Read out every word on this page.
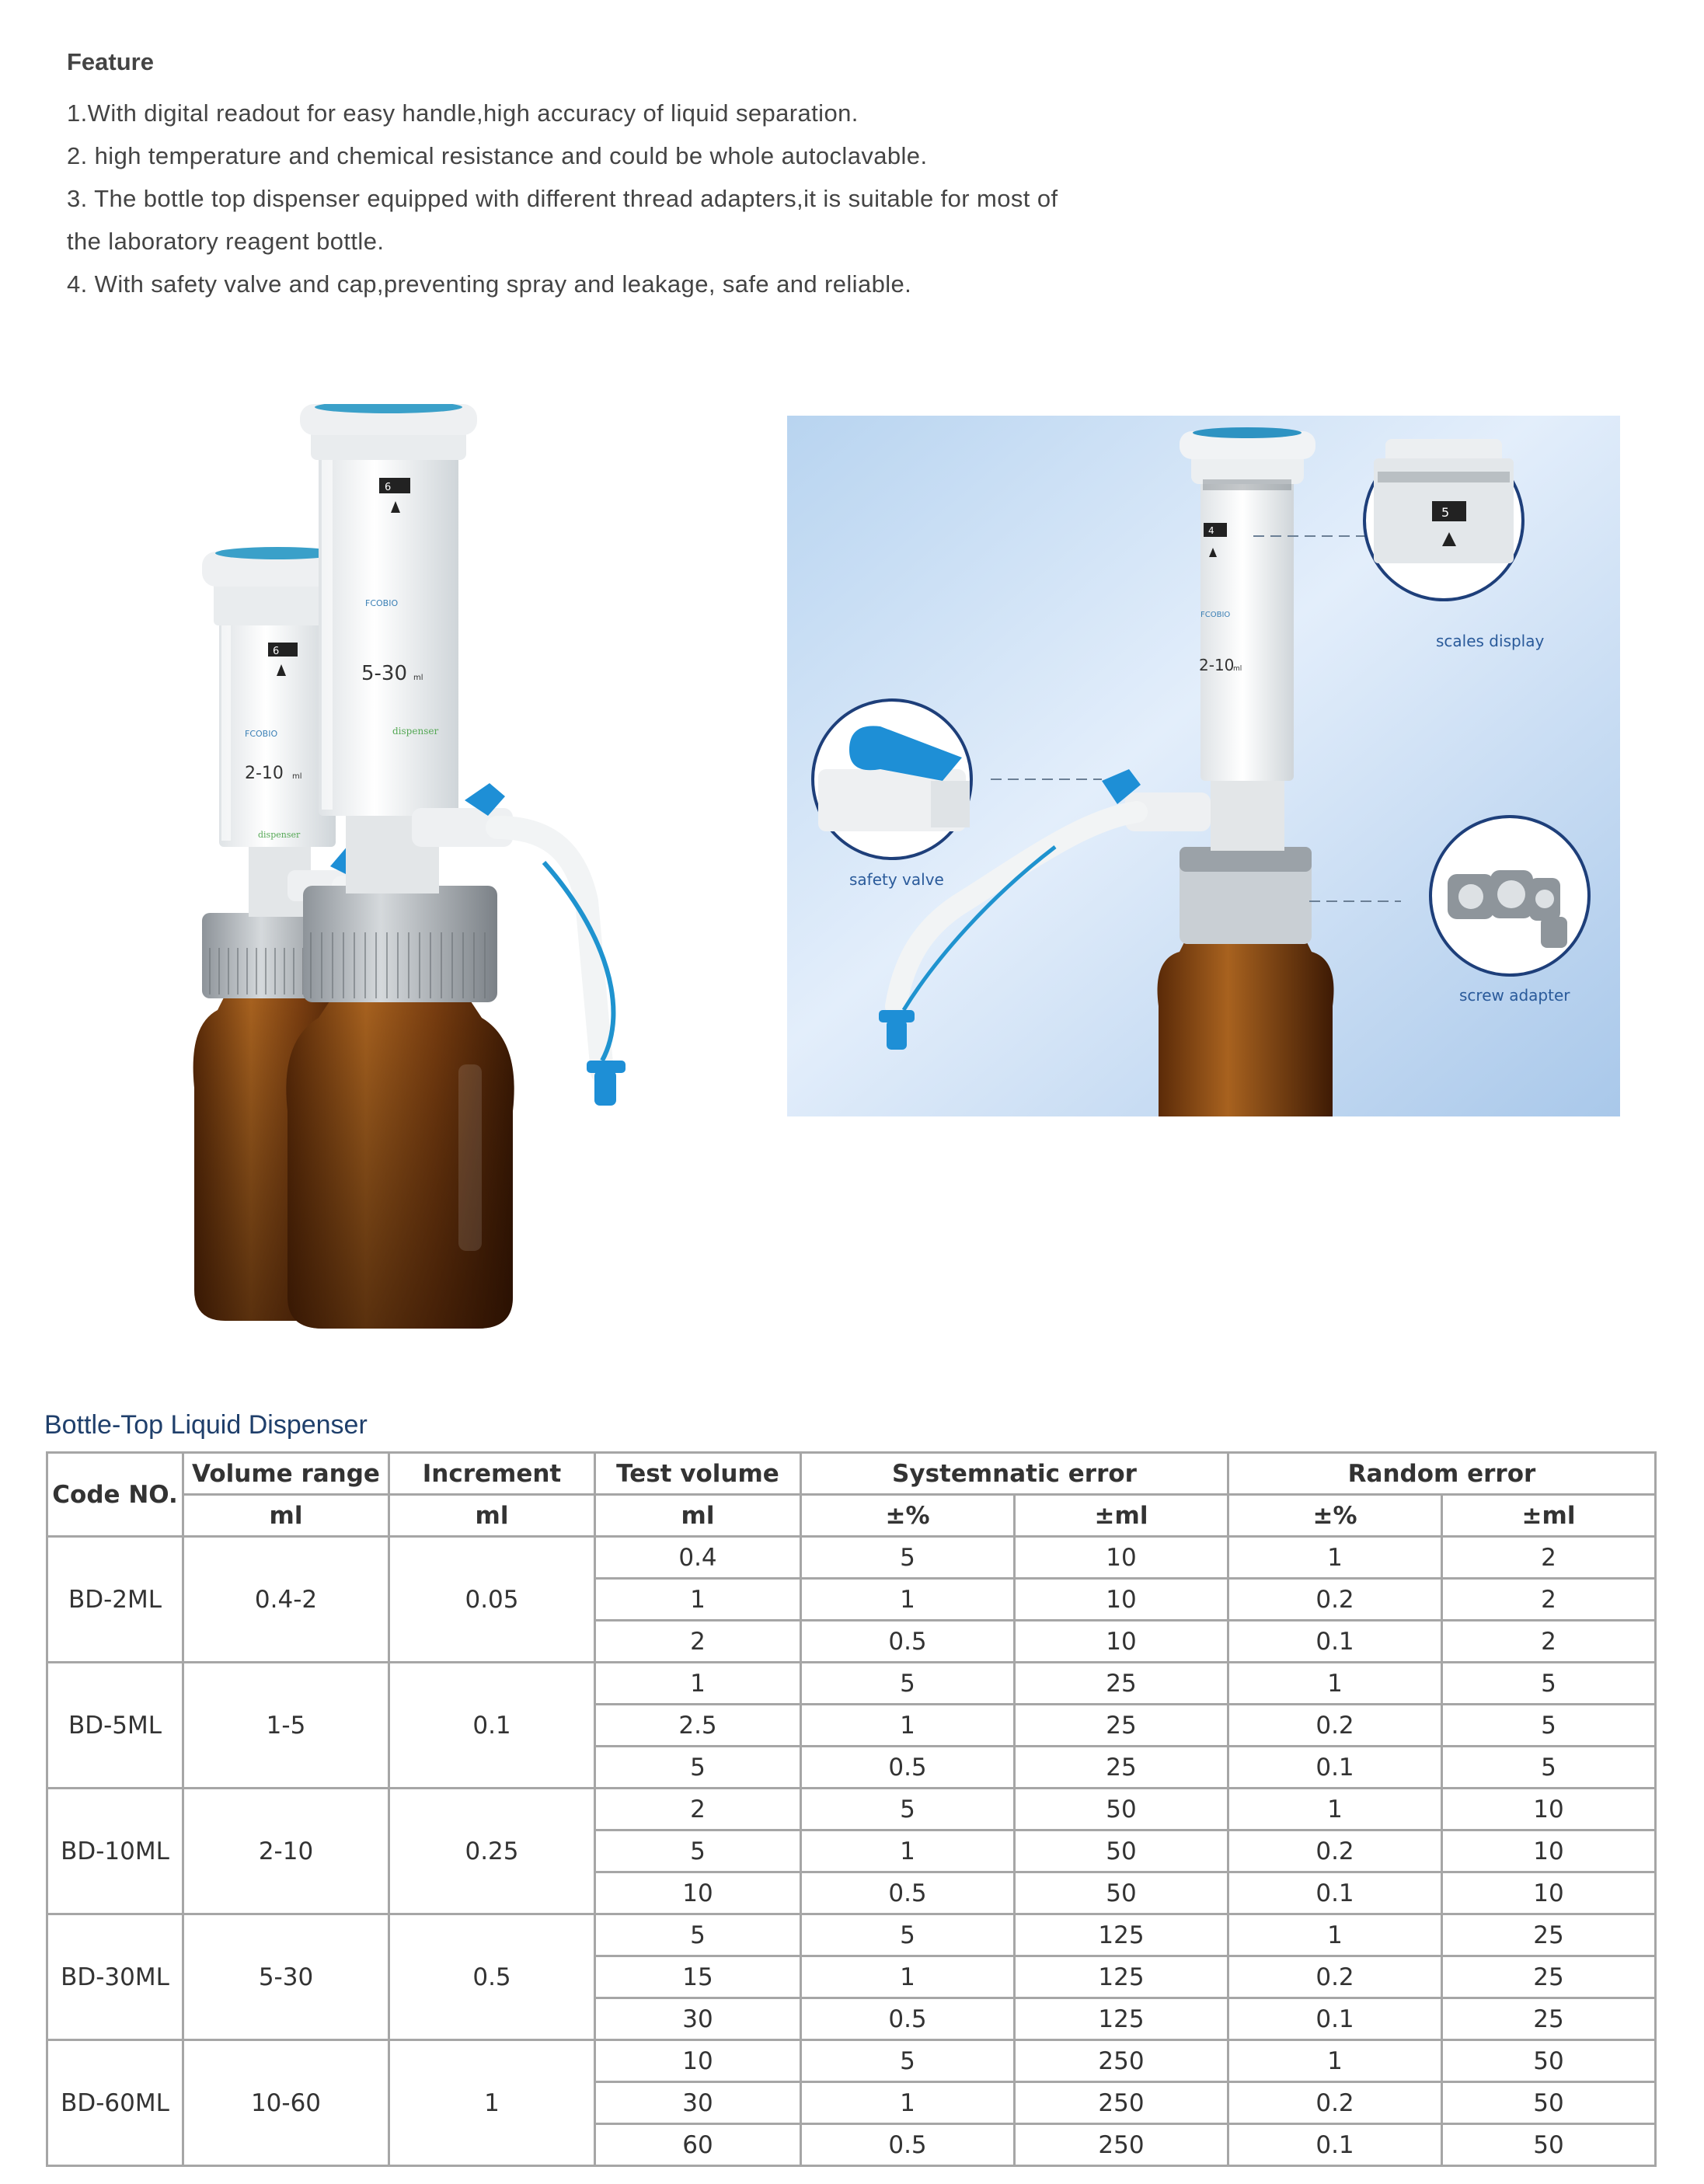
Feature

1.With digital readout for easy handle,high accuracy of liquid separation.

2. high temperature and chemical resistance and could be whole autoclavable.

3. The bottle top dispenser equipped with different thread adapters,it is suitable for most of

the laboratory reagent bottle.

4. With safety valve and cap,preventing spray and leakage, safe and reliable.

6
FCOBIO
2-10 ml
dispenser
6
FCOBIO
5-30 ml
dispenser
4
FCOBIO
2-10
ml
5
scales display
safety valve
screw adapter
Bottle-Top Liquid Dispenser
Code NO.	Volume range	Increment	Test volume	Systemnatic error		Random error	
	ml	ml	ml	±%	±ml	±%	±ml
BD-2ML	0.4-2	0.05	0.4	5	10	1	2
			1	1	10	0.2	2
			2	0.5	10	0.1	2
BD-5ML	1-5	0.1	1	5	25	1	5
			2.5	1	25	0.2	5
			5	0.5	25	0.1	5
BD-10ML	2-10	0.25	2	5	50	1	10
			5	1	50	0.2	10
			10	0.5	50	0.1	10
BD-30ML	5-30	0.5	5	5	125	1	25
			15	1	125	0.2	25
			30	0.5	125	0.1	25
BD-60ML	10-60	1	10	5	250	1	50
			30	1	250	0.2	50
			60	0.5	250	0.1	50
